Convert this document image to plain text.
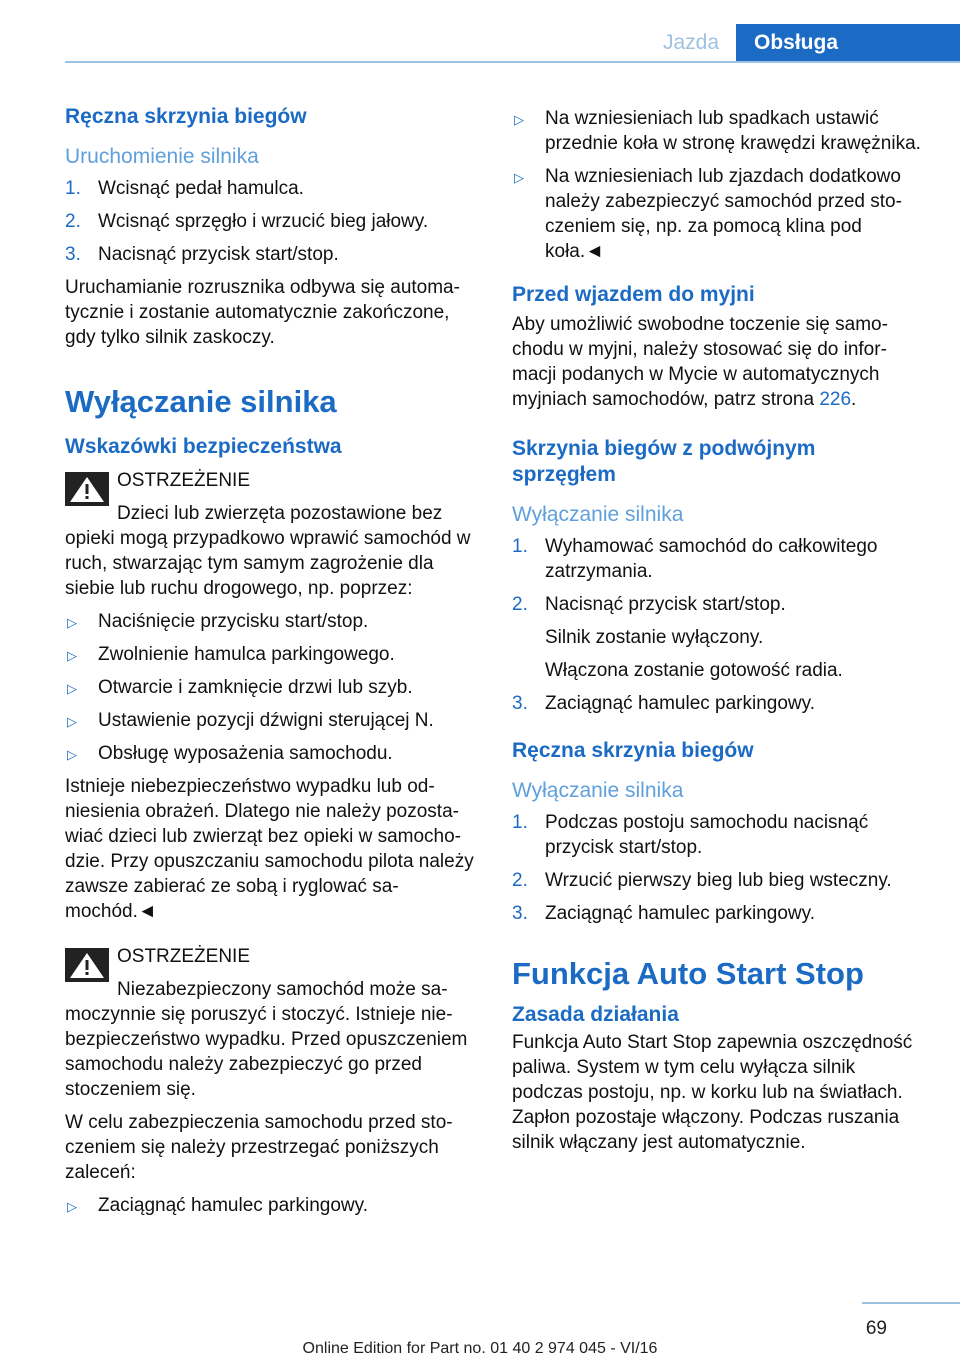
Jazda	Obsługa
Ręczna skrzynia biegów
Uruchomienie silnika
1. Wcisnąć pedał hamulca.
2. Wcisnąć sprzęgło i wrzucić bieg jałowy.
3. Nacisnąć przycisk start/stop.

Uruchamianie rozrusznika odbywa się automatycznie i zostanie automatycznie zakończone, gdy tylko silnik zaskoczy.

Wyłączanie silnika
Wskazówki bezpieczeństwa
OSTRZEŻENIE
Dzieci lub zwierzęta pozostawione bez

opieki mogą przypadkowo wprawić samochód w ruch, stwarzając tym samym zagrożenie dla siebie lub ruchu drogowego, np. poprzez:

▷ Naciśnięcie przycisku start/stop.
▷ Zwolnienie hamulca parkingowego.
▷ Otwarcie i zamknięcie drzwi lub szyb.
▷ Ustawienie pozycji dźwigni sterującej N.
▷ Obsługę wyposażenia samochodu.

Istnieje niebezpieczeństwo wypadku lub odniesienia obrażeń. Dlatego nie należy pozostawiać dzieci lub zwierząt bez opieki w samochodzie. Przy opuszczaniu samochodu pilota należy zawsze zabierać ze sobą i ryglować samochód.◄

OSTRZEŻENIE
Niezabezpieczony samochód może sa-

moczynnie się poruszyć i stoczyć. Istnieje niebezpieczeństwo wypadku. Przed opuszczeniem samochodu należy zabezpieczyć go przed stoczeniem się.

W celu zabezpieczenia samochodu przed stoczeniem się należy przestrzegać poniższych zaleceń:

▷ Zaciągnąć hamulec parkingowy.
▷ Na wzniesieniach lub spadkach ustawić przednie koła w stronę krawędzi krawężnika.
▷ Na wzniesieniach lub zjazdach dodatkowo należy zabezpieczyć samochód przed stoczeniem się, np. za pomocą klina pod koła.◄
Przed wjazdem do myjni

Aby umożliwić swobodne toczenie się samochodu w myjni, należy stosować się do informacji podanych w Mycie w automatycznych myjniach samochodów, patrz strona 226.

Skrzynia biegów z podwójnym sprzęgłem
Wyłączanie silnika
1. Wyhamować samochód do całkowitego zatrzymania.
2. Nacisnąć przycisk start/stop.
Silnik zostanie wyłączony.
Włączona zostanie gotowość radia.
3. Zaciągnąć hamulec parkingowy.
Ręczna skrzynia biegów
Wyłączanie silnika
1. Podczas postoju samochodu nacisnąć przycisk start/stop.
2. Wrzucić pierwszy bieg lub bieg wsteczny.
3. Zaciągnąć hamulec parkingowy.
Funkcja Auto Start Stop
Zasada działania

Funkcja Auto Start Stop zapewnia oszczędność paliwa. System w tym celu wyłącza silnik podczas postoju, np. w korku lub na światłach. Zapłon pozostaje włączony. Podczas ruszania silnik włączany jest automatycznie.

69
Online Edition for Part no. 01 40 2 974 045 - VI/16
